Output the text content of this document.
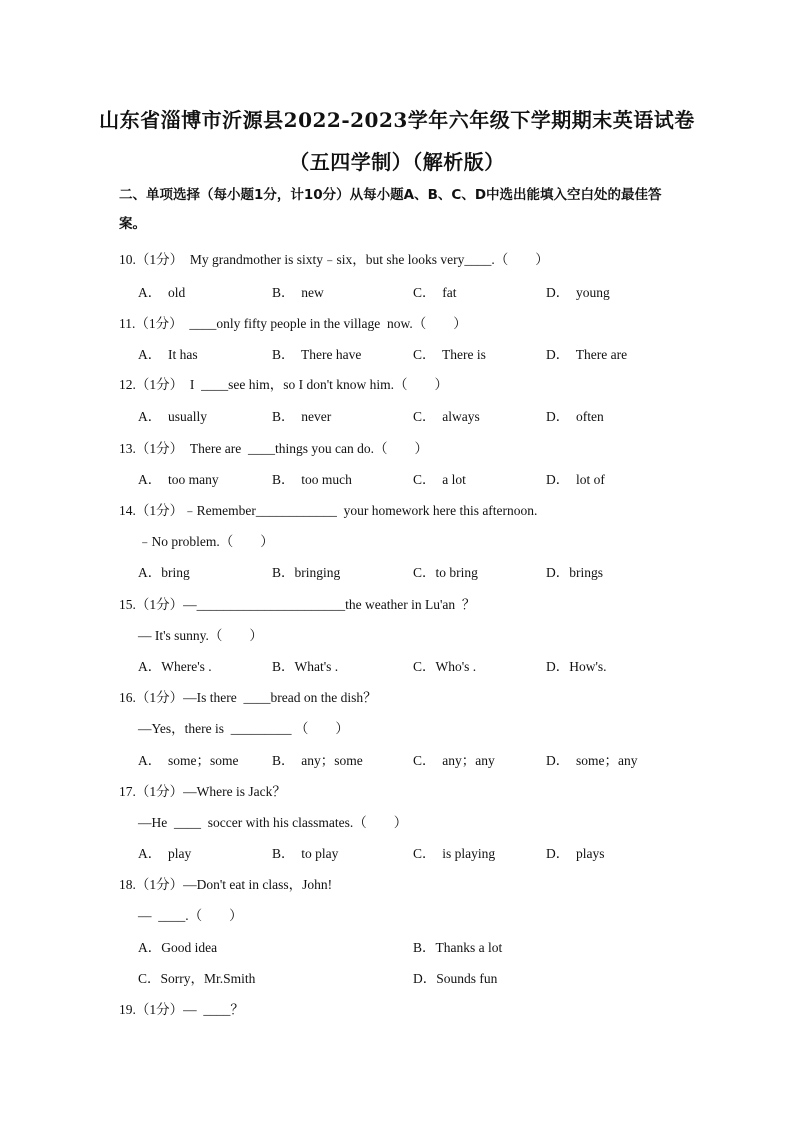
山东省淄博市沂源县2022-2023学年六年级下学期期末英语试卷
（五四学制）（解析版）
二、单项选择（每小题1分，计10分）从每小题A、B、C、D中选出能填入空白处的最佳答案。
10.（1分）  My grandmother is sixty﹣six，but she looks very____.（　　）
A．  old	B．  new	C．  fat	D．  young
11.（1分）  ____only fifty people in the village  now.（　　）
A．  It has	B．  There have	C．  There is	D．  There are
12.（1分）  I  ____see him，so I don't know him.（　　）
A．  usually	B．  never	C．  always	D．  often
13.（1分）  There are  ____things you can do.（　　）
A．  too many	B．  too much	C．  a lot	D．  lot of
14.（1分）﹣Remember____________  your homework here this afternoon.
﹣No problem.（　　）
A．bring	B．bringing	C．to bring	D．brings
15.（1分）—______________________the weather in Lu'an  ？
— It's sunny.（　　）
A．Where's .	B．What's .	C．Who's .	D．How's.
16.（1分）—Is there  ____bread on the dish？
—Yes，there is  _________ （　　）
A．  some；some B．  any；some	C．  any；any	D．  some；any
17.（1分）—Where is Jack？
—He  ____  soccer with his classmates.（　　）
A．  play	B．  to play	C．  is playing	D．  plays
18.（1分）—Don't eat in class，John!
—  ____.（　　）
A．Good idea	B．Thanks a lot
C．Sorry，Mr.Smith	D．Sounds fun
19.（1分）—  ____？
